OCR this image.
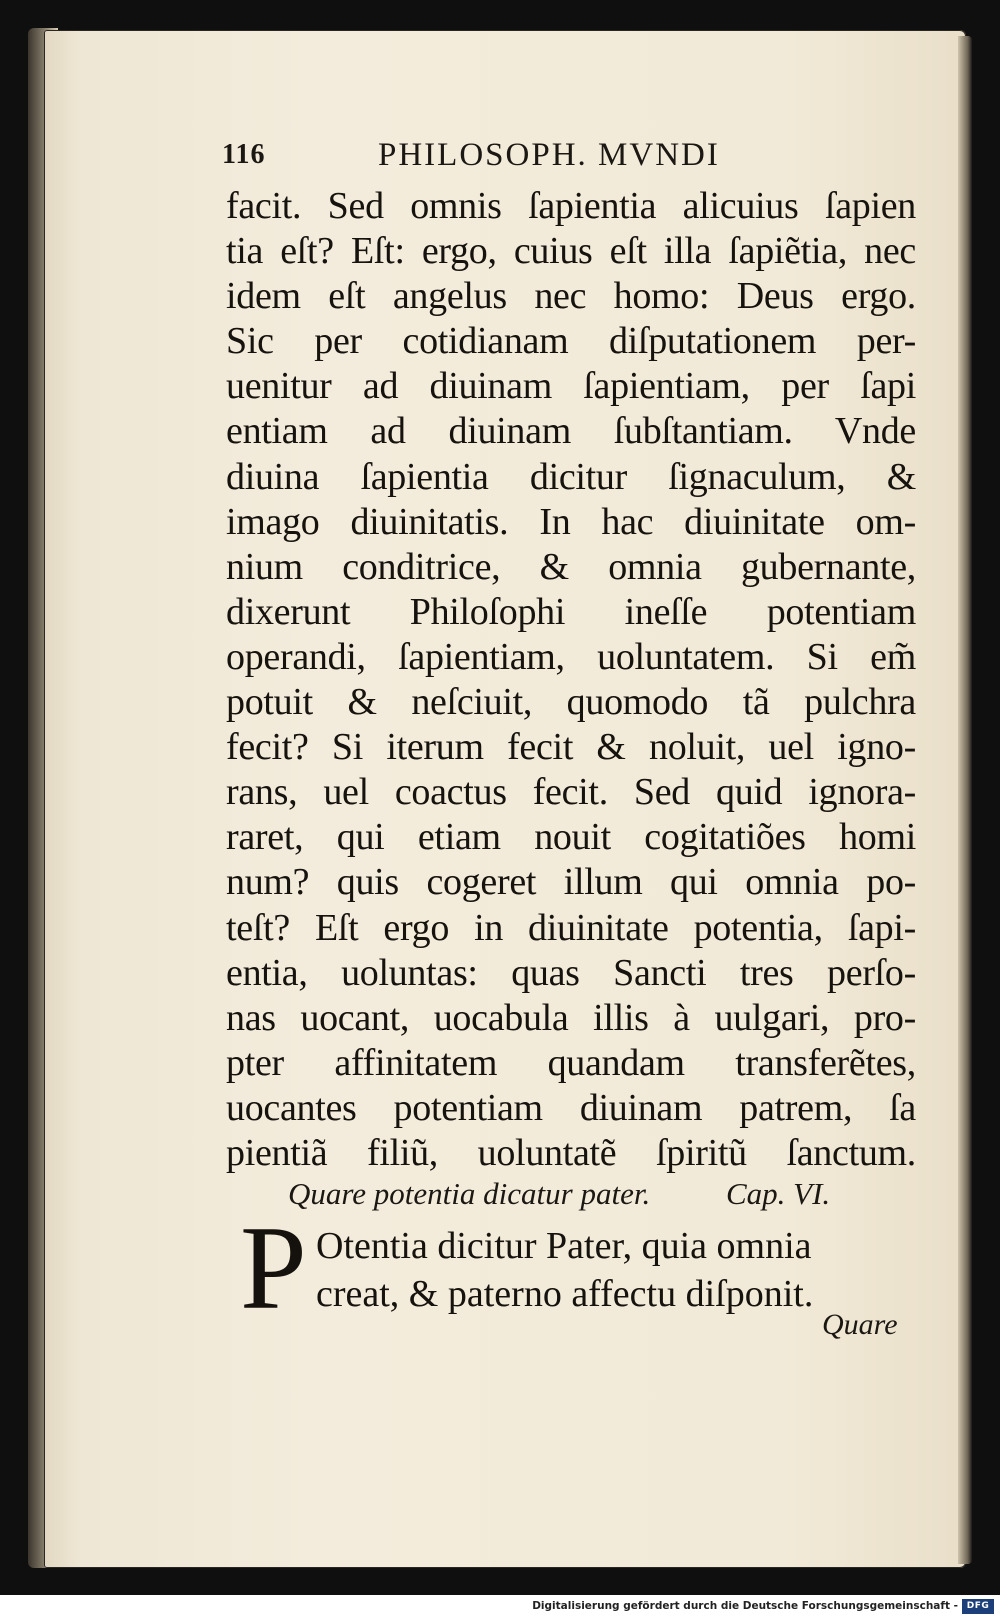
116	PHILOSOPH. MVNDI
facit. Sed omnis ſapientia alicuius ſapien
tia eſt? Eſt: ergo, cuius eſt illa ſapiẽtia, nec
idem eſt angelus nec homo: Deus ergo.
Sic per cotidianam diſputationem per-
uenitur ad diuinam ſapientiam, per ſapi
entiam ad diuinam ſubſtantiam. Vnde
diuina ſapientia dicitur ſignaculum, &
imago diuinitatis. In hac diuinitate om-
nium conditrice, & omnia gubernante,
dixerunt Philoſophi ineſſe potentiam
operandi, ſapientiam, uoluntatem. Si em̃
potuit & neſciuit, quomodo tã pulchra
fecit? Si iterum fecit & noluit, uel igno-
rans, uel coactus fecit. Sed quid ignora-
raret, qui etiam nouit cogitatiões homi
num? quis cogeret illum qui omnia po-
teſt? Eſt ergo in diuinitate potentia, ſapi-
entia, uoluntas: quas Sancti tres perſo-
nas uocant, uocabula illis à uulgari, pro-
pter affinitatem quandam transferẽtes,
uocantes potentiam diuinam patrem, ſa
pientiã filiũ, uoluntatẽ ſpiritũ ſanctum.
Quare potentia dicatur pater. Cap. VI.
P Otentia dicitur Pater, quia omnia
creat, & paterno affectu diſponit.
Quare
Digitalisierung gefördert durch die Deutsche Forschungsgemeinschaft - DFG
